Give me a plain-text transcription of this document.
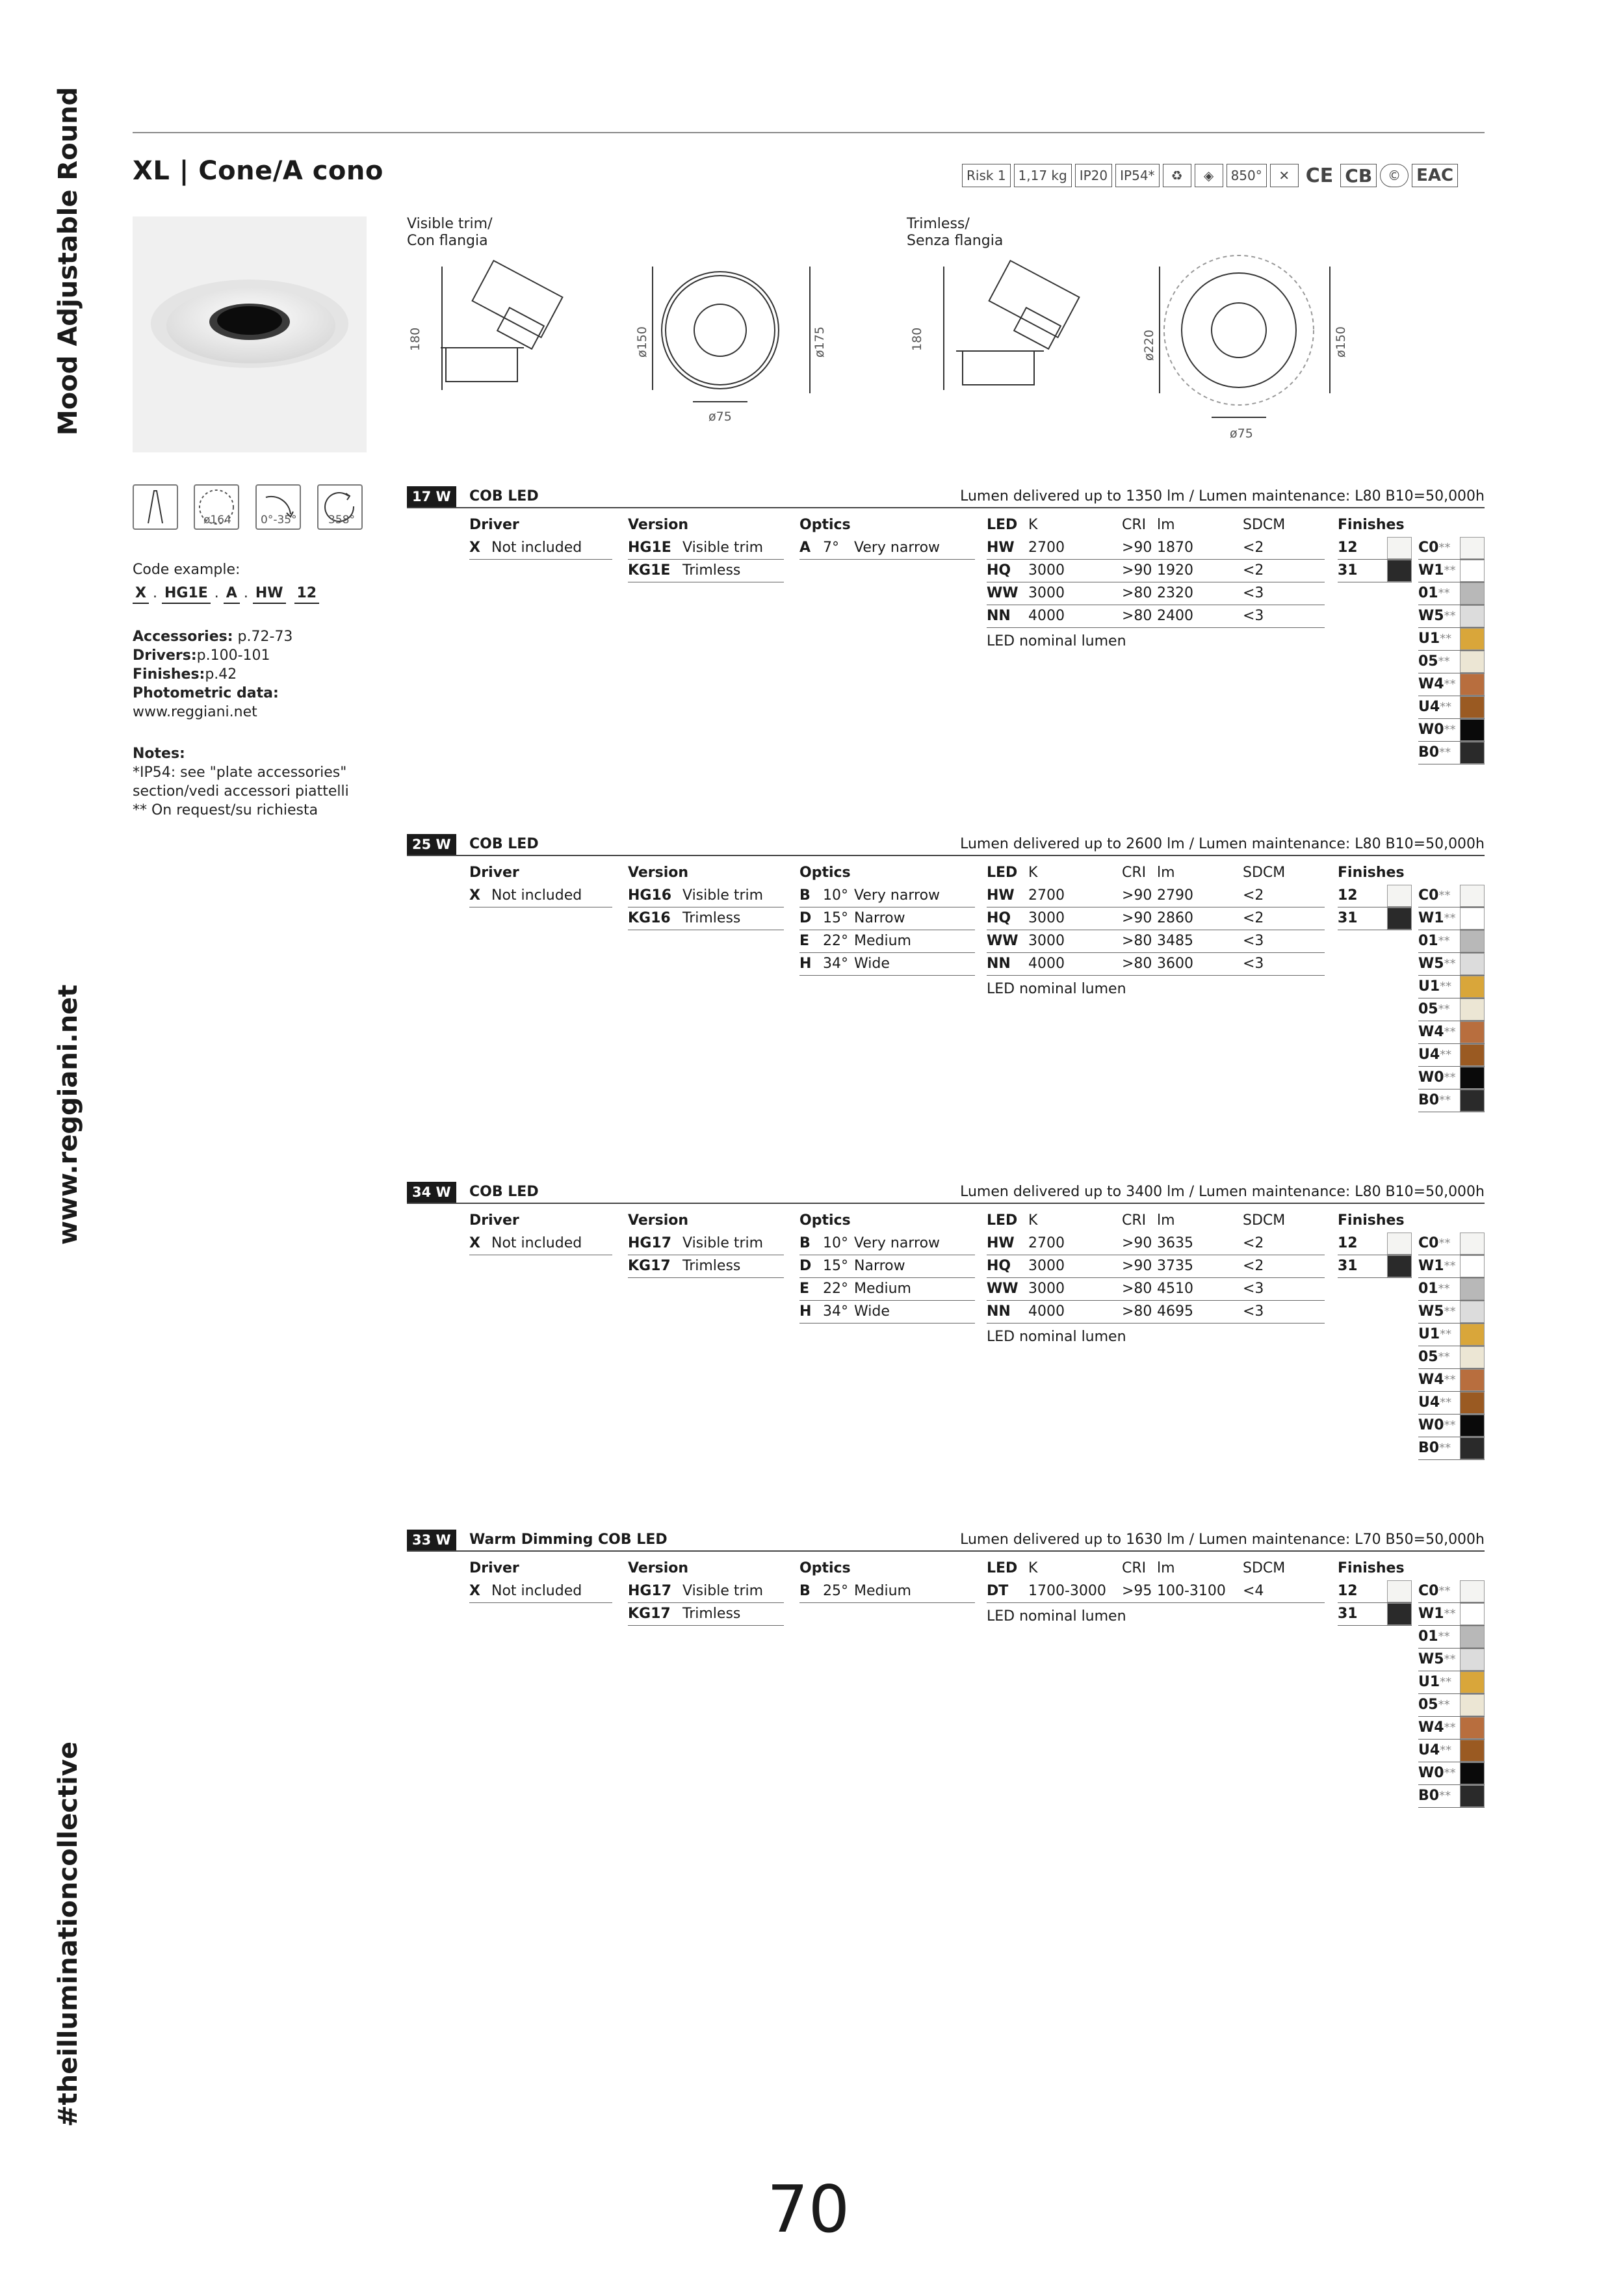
Mood Adjustable Round
www.reggiani.net
#theilluminationcollective
XL | Cone/A cono	Risk 1 1,17 kg IP20 IP54*	♻	◈	850°	✕ CE CB	© EAC
Visible trim/
Con flangia
Trimless/
Senza flangia
180	ø150	ø175
ø75
180	ø220	ø150
ø75
ø164	0°-35°	358°
Code example:
X . HG1E . A . HW 12
Accessories: p.72-73
Drivers:p.100-101
Finishes:p.42
Photometric data:
www.reggiani.net
Notes:
*IP54: see "plate accessories"
section/vedi accessori piattelli
** On request/su richiesta
17 W	COB LED	Lumen delivered up to 1350 lm / Lumen maintenance: L80 B10=50,000h
Driver
X Not included
Version
HG1E Visible trim
KG1E Trimless
Optics
A 7° Very narrow
LED K	CRI lm	SDCM
HW 2700	>90 1870	<2
HQ 3000	>90 1920	<2
WW 3000	>80 2320	<3
NN 4000	>80 2400	<3
LED nominal lumen
Finishes
12
31
C0**
W1**
01**
W5**
U1**
05**
W4**
U4**
W0**
B0**
25 W	COB LED	Lumen delivered up to 2600 lm / Lumen maintenance: L80 B10=50,000h
Driver
X Not included
Version
HG16 Visible trim
KG16 Trimless
Optics
B 10° Very narrow
D 15° Narrow
E 22° Medium
H 34° Wide
LED K	CRI lm	SDCM
HW 2700	>90 2790	<2
HQ 3000	>90 2860	<2
WW 3000	>80 3485	<3
NN 4000	>80 3600	<3
LED nominal lumen
Finishes
12
31
C0**
W1**
01**
W5**
U1**
05**
W4**
U4**
W0**
B0**
34 W	COB LED	Lumen delivered up to 3400 lm / Lumen maintenance: L80 B10=50,000h
Driver
X Not included
Version
HG17 Visible trim
KG17 Trimless
Optics
B 10° Very narrow
D 15° Narrow
E 22° Medium
H 34° Wide
LED K	CRI lm	SDCM
HW 2700	>90 3635	<2
HQ 3000	>90 3735	<2
WW 3000	>80 4510	<3
NN 4000	>80 4695	<3
LED nominal lumen
Finishes
12
31
C0**
W1**
01**
W5**
U1**
05**
W4**
U4**
W0**
B0**
33 W	Warm Dimming COB LED	Lumen delivered up to 1630 lm / Lumen maintenance: L70 B50=50,000h
Driver
X Not included
Version
HG17 Visible trim
KG17 Trimless
Optics
B 25° Medium
LED K	CRI lm	SDCM
DT 1700-3000 >95 100-3100 <4
LED nominal lumen
Finishes
12
31
C0**
W1**
01**
W5**
U1**
05**
W4**
U4**
W0**
B0**
70
